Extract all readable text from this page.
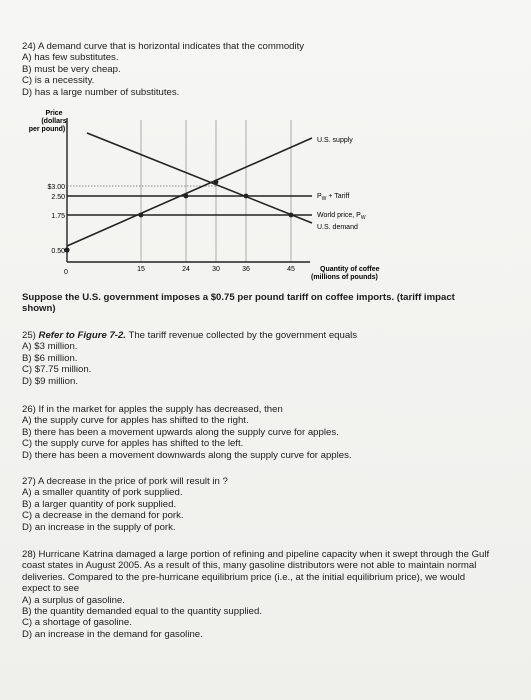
24) A demand curve that is horizontal indicates that the commodity
A) has few substitutes.
B) must be very cheap.
C) is a necessity.
D) has a large number of substitutes.
Price
(dollars
per pound)
$3.00
2.50
1.75
0.50
0	15	24	30	36	45	Quantity of coffee
(millions of pounds)
U.S. supply
$P_W$ + Tariff
World price, $P_W$
U.S. demand
Suppose the U.S. government imposes a $0.75 per pound tariff on coffee imports. (tariff impact
shown)
25) Refer to Figure 7-2. The tariff revenue collected by the government equals
A) $3 million.
B) $6 million.
C) $7.75 million.
D) $9 million.
26) If in the market for apples the supply has decreased, then
A) the supply curve for apples has shifted to the right.
B) there has been a movement upwards along the supply curve for apples.
C) the supply curve for apples has shifted to the left.
D) there has been a movement downwards along the supply curve for apples.
27) A decrease in the price of pork will result in ?
A) a smaller quantity of pork supplied.
B) a larger quantity of pork supplied.
C) a decrease in the demand for pork.
D) an increase in the supply of pork.
28) Hurricane Katrina damaged a large portion of refining and pipeline capacity when it swept through the Gulf
coast states in August 2005. As a result of this, many gasoline distributors were not able to maintain normal
deliveries. Compared to the pre-hurricane equilibrium price (i.e., at the initial equilibrium price), we would
expect to see
A) a surplus of gasoline.
B) the quantity demanded equal to the quantity supplied.
C) a shortage of gasoline.
D) an increase in the demand for gasoline.
